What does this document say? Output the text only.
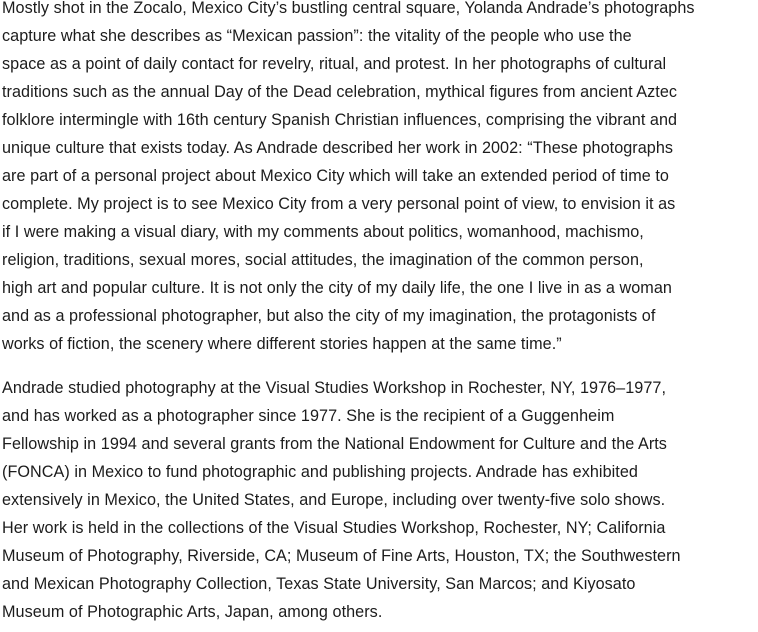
Mostly shot in the Zocalo, Mexico City’s bustling central square, Yolanda Andrade’s photographs
capture what she describes as “Mexican passion”: the vitality of the people who use the
space as a point of daily contact for revelry, ritual, and protest. In her photographs of cultural
traditions such as the annual Day of the Dead celebration, mythical figures from ancient Aztec
folklore intermingle with 16th century Spanish Christian influences, comprising the vibrant and
unique culture that exists today. As Andrade described her work in 2002: “These photographs
are part of a personal project about Mexico City which will take an extended period of time to
complete. My project is to see Mexico City from a very personal point of view, to envision it as
if I were making a visual diary, with my comments about politics, womanhood, machismo,
religion, traditions, sexual mores, social attitudes, the imagination of the common person,
high art and popular culture. It is not only the city of my daily life, the one I live in as a woman
and as a professional photographer, but also the city of my imagination, the protagonists of
works of fiction, the scenery where different stories happen at the same time.”
Andrade studied photography at the Visual Studies Workshop in Rochester, NY, 1976–1977,
and has worked as a photographer since 1977. She is the recipient of a Guggenheim
Fellowship in 1994 and several grants from the National Endowment for Culture and the Arts
(FONCA) in Mexico to fund photographic and publishing projects. Andrade has exhibited
extensively in Mexico, the United States, and Europe, including over twenty-five solo shows.
Her work is held in the collections of the Visual Studies Workshop, Rochester, NY; California
Museum of Photography, Riverside, CA; Museum of Fine Arts, Houston, TX; the Southwestern
and Mexican Photography Collection, Texas State University, San Marcos; and Kiyosato
Museum of Photographic Arts, Japan, among others.
